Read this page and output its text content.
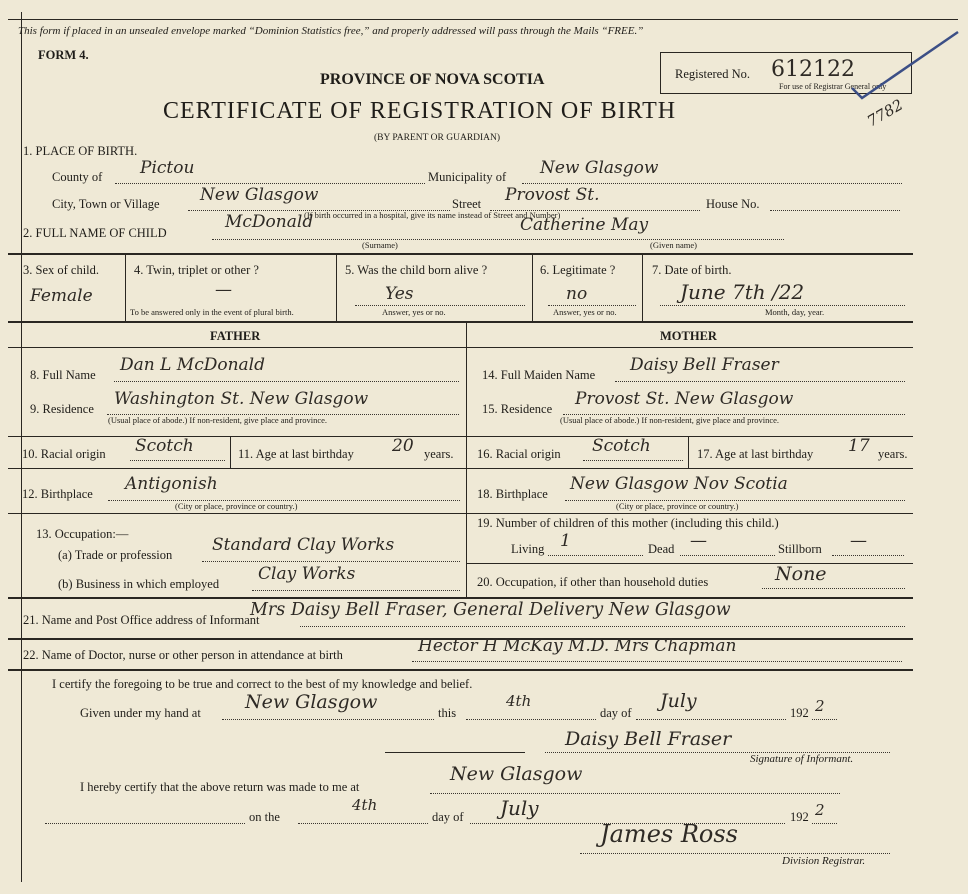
This form if placed in an unsealed envelope marked “Dominion Statistics free,” and properly addressed will pass through the Mails “FREE.”
FORM 4.
PROVINCE OF NOVA SCOTIA
CERTIFICATE OF REGISTRATION OF BIRTH
(BY PARENT OR GUARDIAN)
Registered No. 612122
For use of Registrar General only
7782
1. PLACE OF BIRTH.
County of Pictou	Municipality of New Glasgow
City, Town or Village New Glasgow	Street Provost St.	House No.
(If birth occurred in a hospital, give its name instead of Street and Number)
2. FULL NAME OF CHILD
McDonald
(Surname)
Catherine May
(Given name)
3. Sex of child.
Female
4. Twin, triplet or other ?
—
To be answered only in the event of plural birth.
5. Was the child born alive ?
Yes
Answer, yes or no.
6. Legitimate ?
no
Answer, yes or no.
7. Date of birth.
June 7th /22
Month, day, year.
FATHER	MOTHER
8. Full Name Dan L McDonald
9. Residence Washington St. New Glasgow
(Usual place of abode.) If non-resident, give place and province.
10. Racial origin Scotch	11. Age at last birthday 20 years.
12. Birthplace Antigonish
(City or place, province or country.)
14. Full Maiden Name Daisy Bell Fraser
15. Residence Provost St. New Glasgow
(Usual place of abode.) If non-resident, give place and province.
16. Racial origin Scotch	17. Age at last birthday 17 years.
18. Birthplace New Glasgow Nov Scotia
(City or place, province or country.)
13. Occupation:—
(a) Trade or profession Standard Clay Works
(b) Business in which employed Clay Works
19. Number of children of this mother (including this child.)
Living 1	Dead —	Stillborn —
20. Occupation, if other than household duties	None
21. Name and Post Office address of Informant
Mrs Daisy Bell Fraser, General Delivery New Glasgow
22. Name of Doctor, nurse or other person in attendance at birth	Hector H McKay M.D. Mrs Chapman
I certify the foregoing to be true and correct to the best of my knowledge and belief.
Given under my hand at New Glasgow	this
4th
day of
July
192 2
Daisy Bell Fraser
Signature of Informant.
I hereby certify that the above return was made to me at
New Glasgow
on the
4th
day of July	192 2
James Ross
Division Registrar.
